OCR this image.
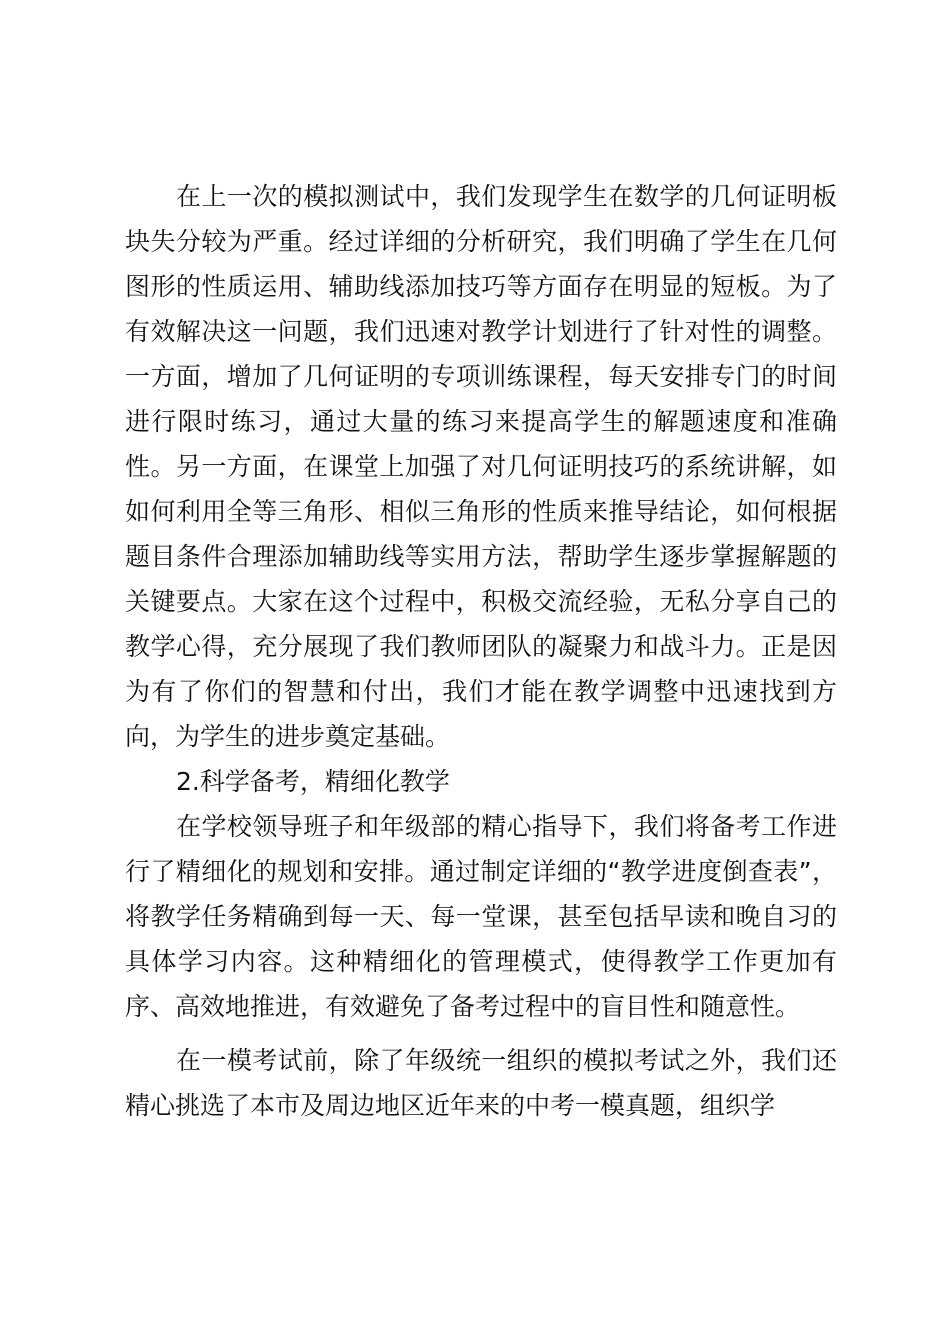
在上一次的模拟测试中，我们发现学生在数学的几何证明板块失分较为严重。经过详细的分析研究，我们明确了学生在几何图形的性质运用、辅助线添加技巧等方面存在明显的短板。为了有效解决这一问题，我们迅速对教学计划进行了针对性的调整。一方面，增加了几何证明的专项训练课程，每天安排专门的时间进行限时练习，通过大量的练习来提高学生的解题速度和准确性。另一方面，在课堂上加强了对几何证明技巧的系统讲解，如如何利用全等三角形、相似三角形的性质来推导结论，如何根据题目条件合理添加辅助线等实用方法，帮助学生逐步掌握解题的关键要点。大家在这个过程中，积极交流经验，无私分享自己的教学心得，充分展现了我们教师团队的凝聚力和战斗力。正是因为有了你们的智慧和付出，我们才能在教学调整中迅速找到方向，为学生的进步奠定基础。

2.科学备考，精细化教学

在学校领导班子和年级部的精心指导下，我们将备考工作进行了精细化的规划和安排。通过制定详细的“教学进度倒查表”，将教学任务精确到每一天、每一堂课，甚至包括早读和晚自习的具体学习内容。这种精细化的管理模式，使得教学工作更加有序、高效地推进，有效避免了备考过程中的盲目性和随意性。

在一模考试前，除了年级统一组织的模拟考试之外，我们还精心挑选了本市及周边地区近年来的中考一模真题，组织学
